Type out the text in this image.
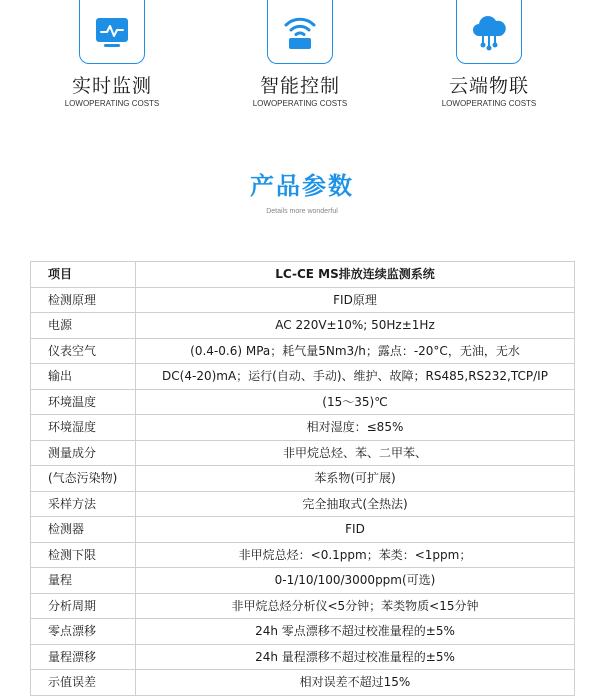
实时监测
LOWOPERATING COSTS
智能控制
LOWOPERATING COSTS
云端物联
LOWOPERATING COSTS
产品参数
Details more wonderful
项目	LC-CE MS排放连续监测系统
检测原理	FID原理
电源	AC 220V±10%; 50Hz±1Hz
仪表空气	(0.4-0.6) MPa；耗气量5Nm3/h；露点：-20°C，无油，无水
输出	DC(4-20)mA；运行(自动、手动)、维护、故障；RS485,RS232,TCP/IP
环境温度	(15～35)℃
环境湿度	相对湿度：≤85%
测量成分	非甲烷总烃、苯、二甲苯、
(气态污染物)	苯系物(可扩展)
采样方法	完全抽取式(全热法)
检测器	FID
检测下限	非甲烷总烃：<0.1ppm；苯类：<1ppm；
量程	0-1/10/100/3000ppm(可选)
分析周期	非甲烷总烃分析仪<5分钟；苯类物质<15分钟
零点漂移	24h 零点漂移不超过校准量程的±5%
量程漂移	24h 量程漂移不超过校准量程的±5%
示值误差	相对误差不超过15%
